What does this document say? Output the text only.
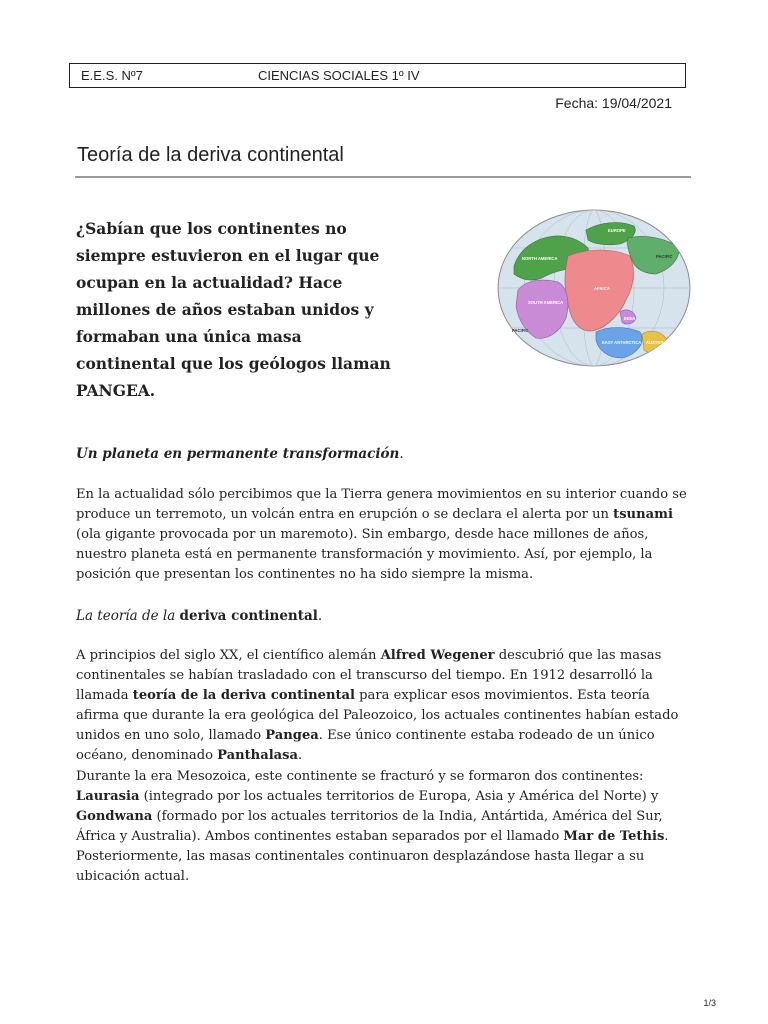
E.E.S. Nº7	CIENCIAS SOCIALES 1º IV
Fecha: 19/04/2021
Teoría de la deriva continental

¿Sabían que los continentes no siempre estuvieron en el lugar que ocupan en la actualidad? Hace millones de años estaban unidos y formaban una única masa continental que los geólogos llaman PANGEA.

NORTH AMERICA
EUROPE
AFRICA
SOUTH AMERICA
INDIA
EAST ANTARCTICA AUSTRALIA
PACIFIC
PACIFIC

Un planeta en permanente transformación.

En la actualidad sólo percibimos que la Tierra genera movimientos en su interior cuando se produce un terremoto, un volcán entra en erupción o se declara el alerta por un tsunami (ola gigante provocada por un maremoto). Sin embargo, desde hace millones de años, nuestro planeta está en permanente transformación y movimiento. Así, por ejemplo, la posición que presentan los continentes no ha sido siempre la misma.

La teoría de la deriva continental.

A principios del siglo XX, el científico alemán Alfred Wegener descubrió que las masas continentales se habían trasladado con el transcurso del tiempo. En 1912 desarrolló la llamada teoría de la deriva continental para explicar esos movimientos. Esta teoría afirma que durante la era geológica del Paleozoico, los actuales continentes habían estado unidos en uno solo, llamado Pangea. Ese único continente estaba rodeado de un único océano, denominado Panthalasa.

Durante la era Mesozoica, este continente se fracturó y se formaron dos continentes: Laurasia (integrado por los actuales territorios de Europa, Asia y América del Norte) y Gondwana (formado por los actuales territorios de la India, Antártida, América del Sur, África y Australia). Ambos continentes estaban separados por el llamado Mar de Tethis. Posteriormente, las masas continentales continuaron desplazándose hasta llegar a su ubicación actual.

1/3
